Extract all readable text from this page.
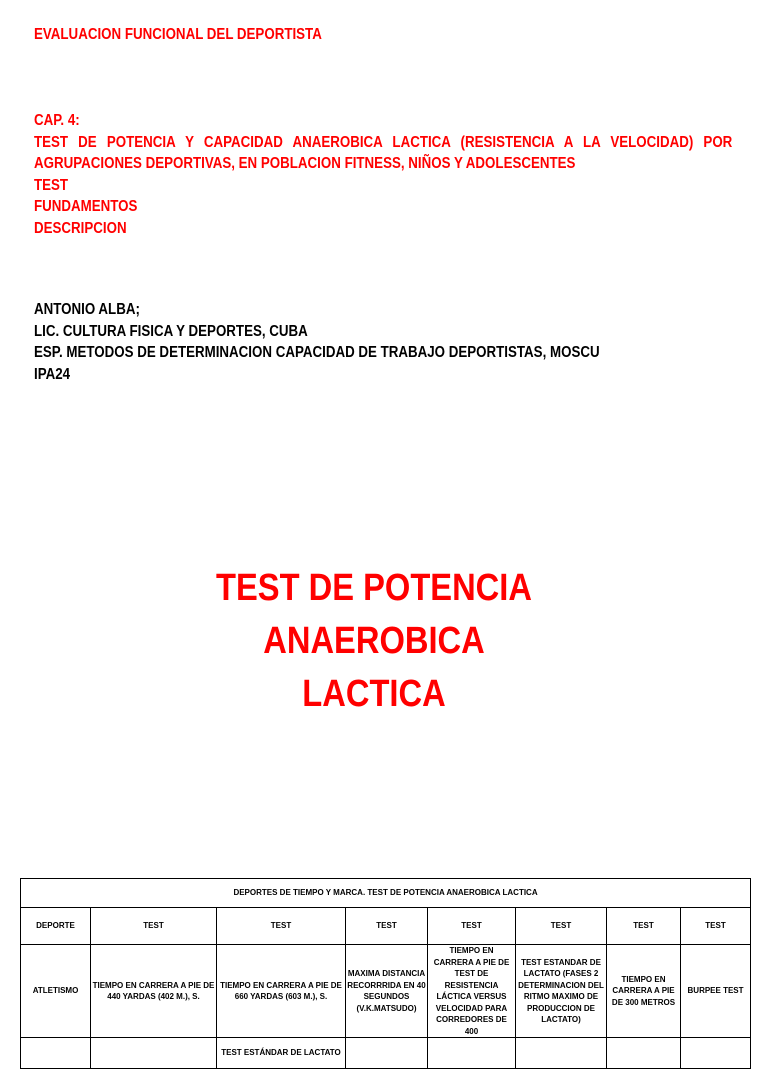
EVALUACION FUNCIONAL DEL DEPORTISTA
CAP. 4:
TEST DE POTENCIA Y CAPACIDAD ANAEROBICA LACTICA (RESISTENCIA A LA VELOCIDAD) POR
AGRUPACIONES DEPORTIVAS, EN POBLACION FITNESS, NIÑOS Y ADOLESCENTES
TEST
FUNDAMENTOS
DESCRIPCION
ANTONIO ALBA;
LIC. CULTURA FISICA Y DEPORTES, CUBA
ESP. METODOS DE DETERMINACION CAPACIDAD DE TRABAJO DEPORTISTAS, MOSCU
IPA24
TEST DE POTENCIA
ANAEROBICA
LACTICA
DEPORTES DE TIEMPO Y MARCA. TEST DE POTENCIA ANAEROBICA LACTICA							
DEPORTE	TEST	TEST	TEST	TEST	TEST	TEST	TEST
ATLETISMO	TIEMPO EN CARRERA A PIE DE 440 YARDAS (402 M.), S.	TIEMPO EN CARRERA A PIE DE 660 YARDAS (603 M.), S.	MAXIMA DISTANCIA RECORRRIDA EN 40 SEGUNDOS (V.K.MATSUDO)	TIEMPO EN CARRERA A PIE DE TEST DE RESISTENCIA LÁCTICA VERSUS VELOCIDAD PARA CORREDORES DE 400	TEST ESTANDAR DE LACTATO (FASES 2 DETERMINACION DEL RITMO MAXIMO DE PRODUCCION DE LACTATO)	TIEMPO EN CARRERA A PIE DE 300 METROS	BURPEE TEST
		TEST ESTÁNDAR DE LACTATO					
